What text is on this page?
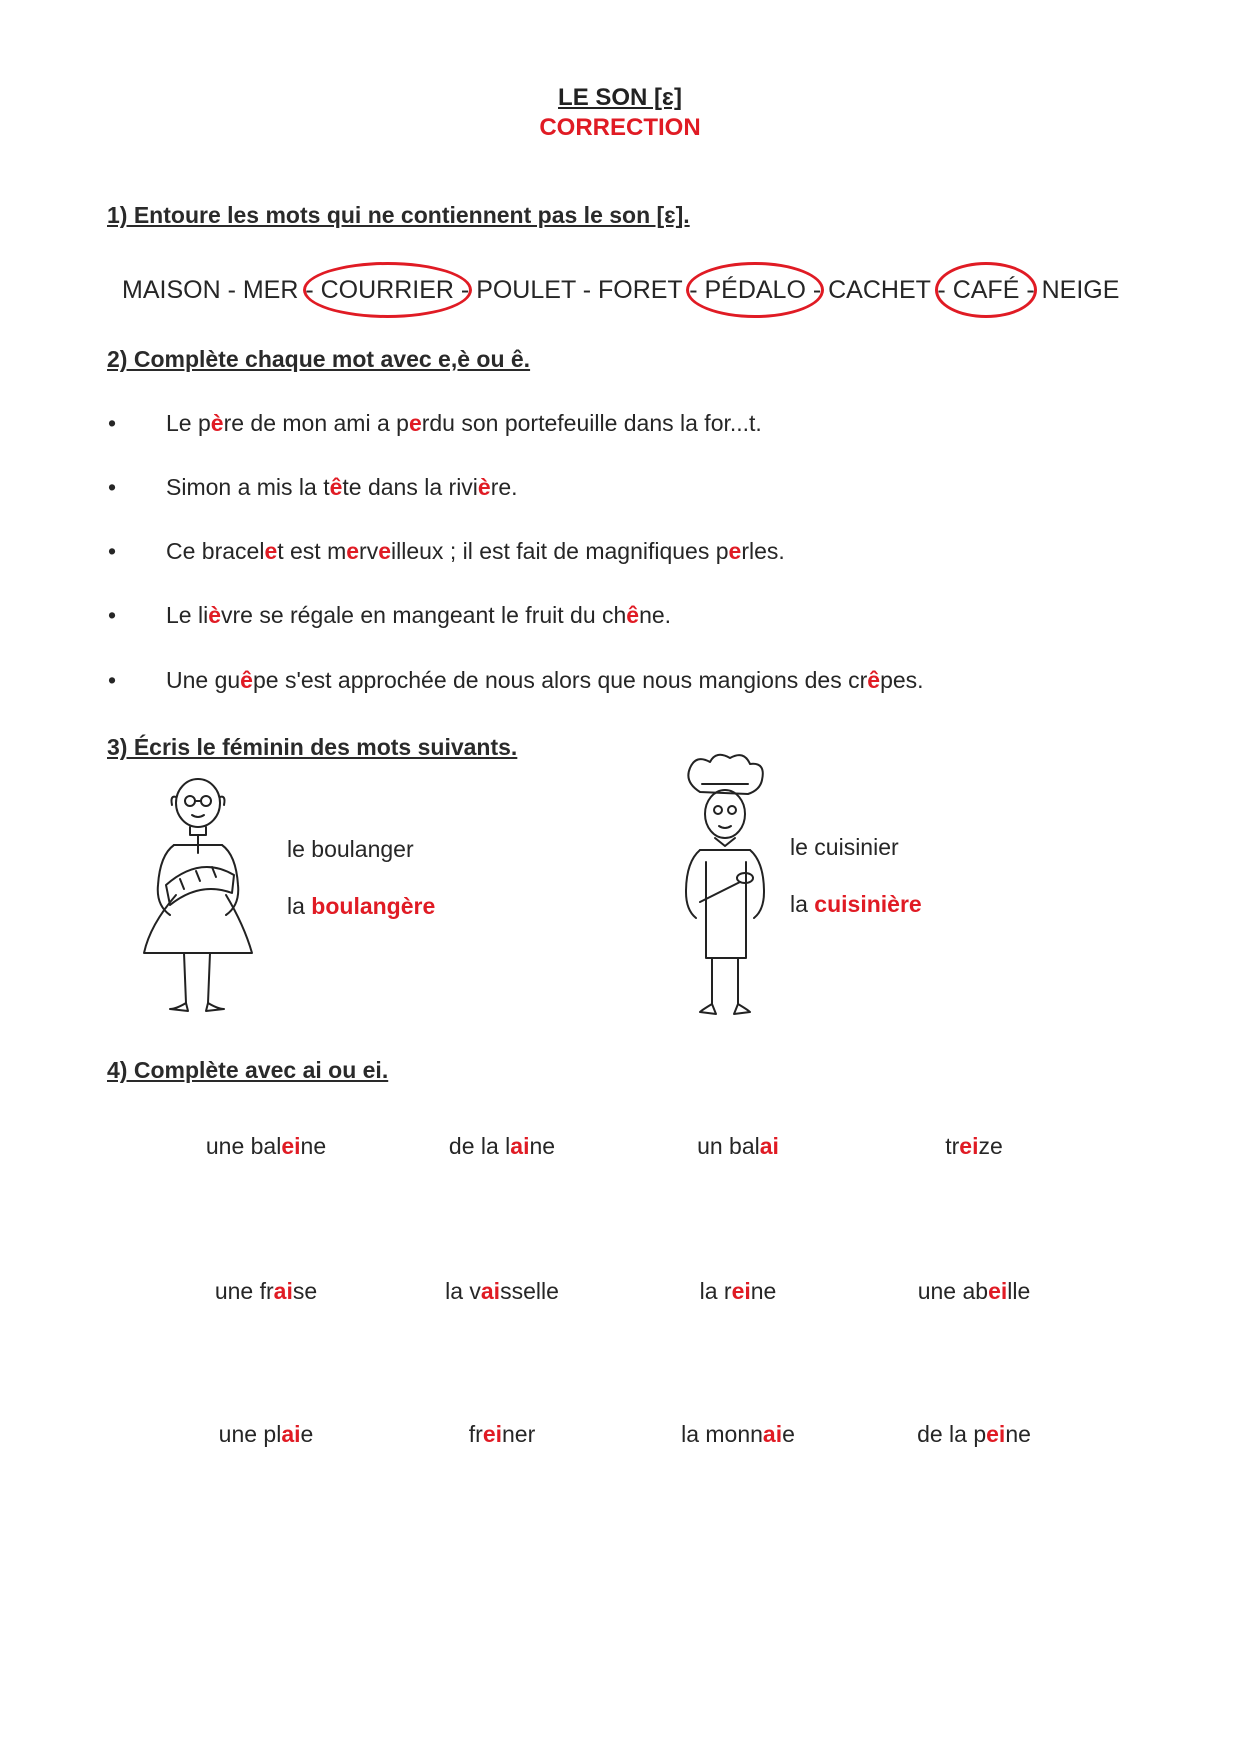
LE SON [ɛ]
CORRECTION
1) Entoure les mots qui ne contiennent pas le son [ɛ].
MAISON - MER - COURRIER - POULET - FORET - PÉDALO - CACHET - CAFÉ - NEIGE
2) Complète chaque mot avec e,è ou ê.
• Le père de mon ami a perdu son portefeuille dans la for...t.
• Simon a mis la tête dans la rivière.
• Ce bracelet est merveilleux ; il est fait de magnifiques perles.
• Le lièvre se régale en mangeant le fruit du chêne.
• Une guêpe s'est approchée de nous alors que nous mangions des crêpes.
3) Écris le féminin des mots suivants.
le boulanger
la boulangère
le cuisinier
la cuisinière
4) Complète avec ai ou ei.
une baleine	de la laine	un balai	treize
une fraise	la vaisselle	la reine	une abeille
une plaie	freiner	la monnaie	de la peine
